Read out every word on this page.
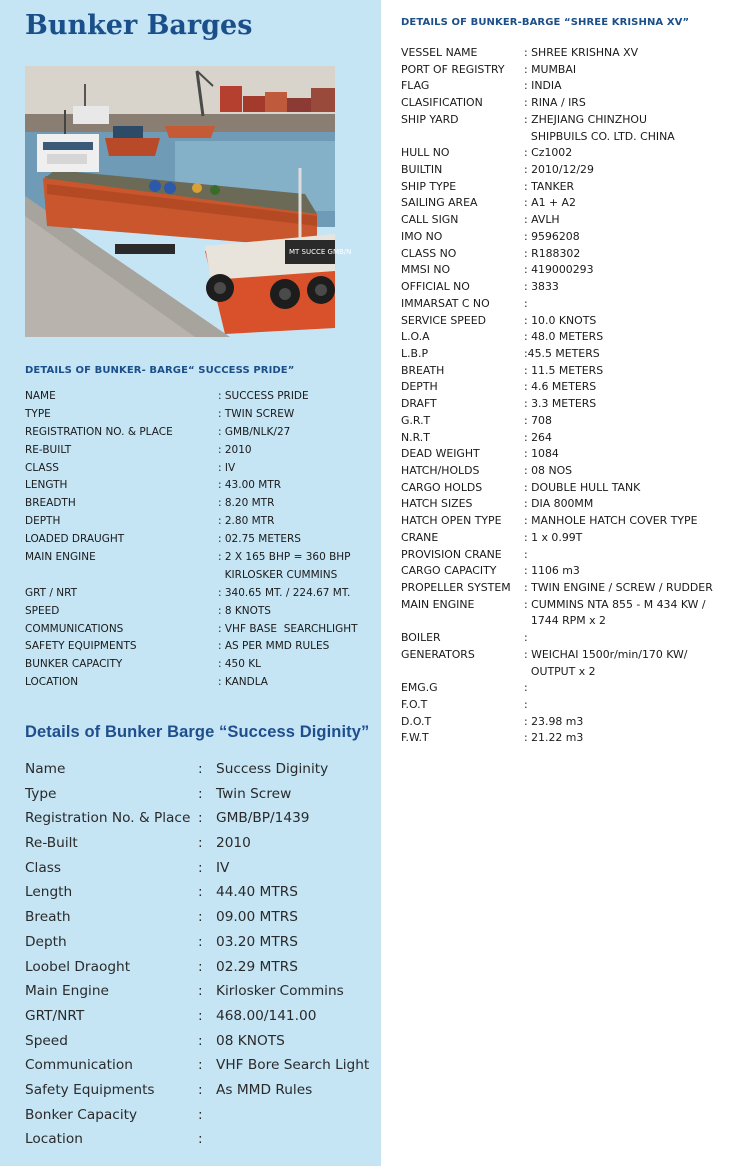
Bunker Barges
MT SUCCE GMB/N
DETAILS OF BUNKER- BARGE“ SUCCESS PRIDE”
NAME	: SUCCESS PRIDE
TYPE	: TWIN SCREW
REGISTRATION NO. & PLACE	: GMB/NLK/27
RE-BUILT	: 2010
CLASS	: IV
LENGTH	: 43.00 MTR
BREADTH	: 8.20 MTR
DEPTH	: 2.80 MTR
LOADED DRAUGHT	: 02.75 METERS
MAIN ENGINE	: 2 X 165 BHP = 360 BHP
KIRLOSKER CUMMINS
GRT / NRT	: 340.65 MT. / 224.67 MT.
SPEED	: 8 KNOTS
COMMUNICATIONS	: VHF BASE  SEARCHLIGHT
SAFETY EQUIPMENTS	: AS PER MMD RULES
BUNKER CAPACITY	: 450 KL
LOCATION	: KANDLA
Details of Bunker Barge “Success Diginity”
Name	: Success Diginity
Type	: Twin Screw
Registration No. & Place : GMB/BP/1439
Re-Built	: 2010
Class	: IV
Length	: 44.40 MTRS
Breath	: 09.00 MTRS
Depth	: 03.20 MTRS
Loobel Draoght	: 02.29 MTRS
Main Engine	: Kirlosker Commins
GRT/NRT	: 468.00/141.00
Speed	: 08 KNOTS
Communication	: VHF Bore Search Light
Safety Equipments	: As MMD Rules
Bonker Capacity	:
Location	:
DETAILS OF BUNKER-BARGE “SHREE KRISHNA XV”
VESSEL NAME	: SHREE KRISHNA XV
PORT OF REGISTRY : MUMBAI
FLAG	: INDIA
CLASIFICATION	: RINA / IRS
SHIP YARD	: ZHEJIANG CHINZHOU
SHIPBUILS CO. LTD. CHINA
HULL NO	: Cz1002
BUILTIN	: 2010/12/29
SHIP TYPE	: TANKER
SAILING AREA	: A1 + A2
CALL SIGN	: AVLH
IMO NO	: 9596208
CLASS NO	: R188302
MMSI NO	: 419000293
OFFICIAL NO	: 3833
IMMARSAT C NO	:
SERVICE SPEED	: 10.0 KNOTS
L.O.A	: 48.0 METERS
L.B.P	:45.5 METERS
BREATH	: 11.5 METERS
DEPTH	: 4.6 METERS
DRAFT	: 3.3 METERS
G.R.T	: 708
N.R.T	: 264
DEAD WEIGHT	: 1084
HATCH/HOLDS	: 08 NOS
CARGO HOLDS	: DOUBLE HULL TANK
HATCH SIZES	: DIA 800MM
HATCH OPEN TYPE : MANHOLE HATCH COVER TYPE
CRANE	: 1 x 0.99T
PROVISION CRANE :
CARGO CAPACITY	: 1106 m3
PROPELLER SYSTEM : TWIN ENGINE / SCREW / RUDDER
MAIN ENGINE	: CUMMINS NTA 855 - M 434 KW /
1744 RPM x 2
BOILER	:
GENERATORS	: WEICHAI 1500r/min/170 KW/
OUTPUT x 2
EMG.G	:
F.O.T	:
D.O.T	: 23.98 m3
F.W.T	: 21.22 m3
